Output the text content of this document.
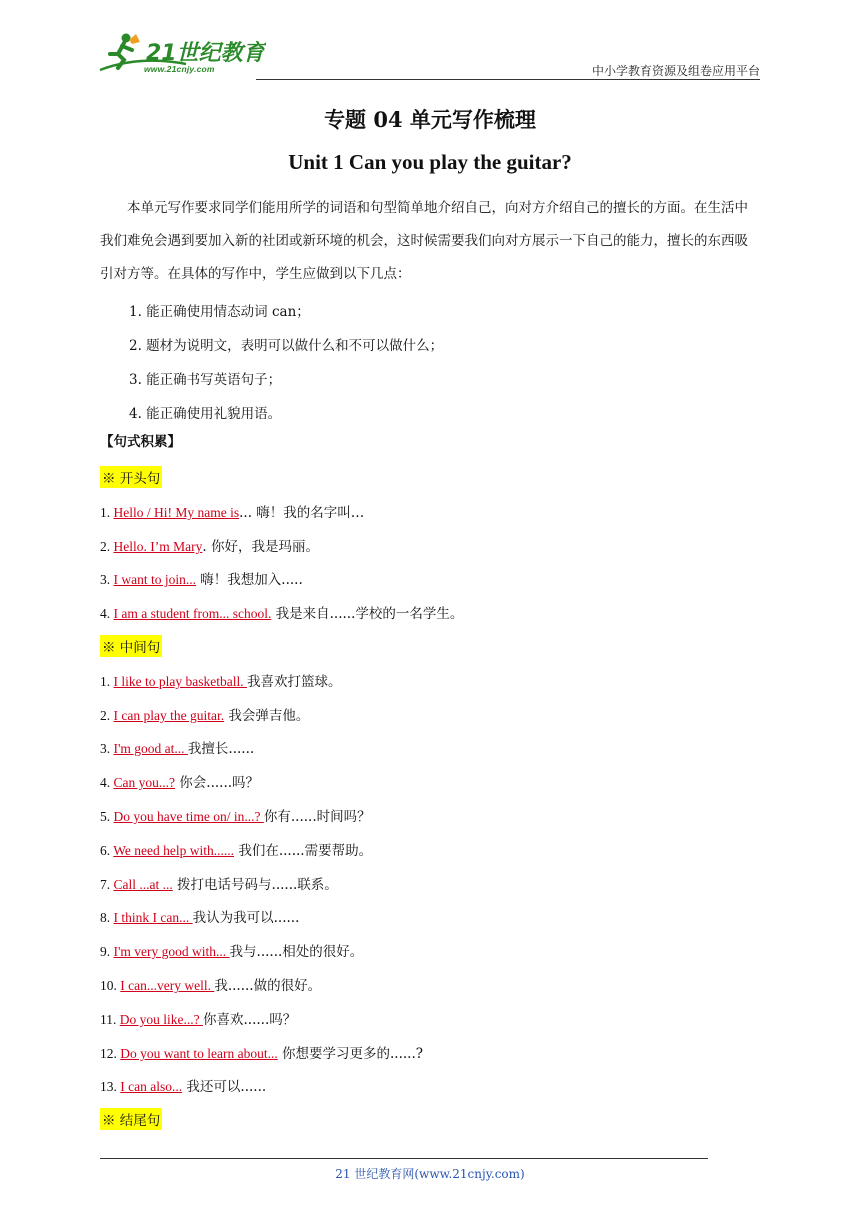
21世纪教育
www.21cnjy.com	中小学教育资源及组卷应用平台
专题 04 单元写作梳理
Unit 1 Can you play the guitar?

本单元写作要求同学们能用所学的词语和句型简单地介绍自己，向对方介绍自己的擅长的方面。在生活中我们难免会遇到要加入新的社团或新环境的机会，这时候需要我们向对方展示一下自己的能力，擅长的东西吸引对方等。在具体的写作中，学生应做到以下几点：

1. 能正确使用情态动词 can；
2. 题材为说明文，表明可以做什么和不可以做什么；
3. 能正确书写英语句子；
4. 能正确使用礼貌用语。
【句式积累】
※ 开头句
1. Hello / Hi! My name is... 嗨！我的名字叫…
2. Hello. I’m Mary. 你好，我是玛丽。
3. I want to join... 嗨！我想加入.....
4. I am a student from... school. 我是来自......学校的一名学生。
※ 中间句
1. I like to play basketball. 我喜欢打篮球。
2. I can play the guitar. 我会弹吉他。
3. I'm good at... 我擅长......
4. Can you...? 你会......吗？
5. Do you have time on/ in...? 你有......时间吗？
6. We need help with...... 我们在......需要帮助。
7. Call ...at ... 拨打电话号码与......联系。
8. I think I can... 我认为我可以......
9. I'm very good with... 我与......相处的很好。
10. I can...very well. 我......做的很好。
11. Do you like...? 你喜欢......吗？
12. Do you want to learn about... 你想要学习更多的......?
13. I can also... 我还可以......
※ 结尾句
21 世纪教育网(www.21cnjy.com)
